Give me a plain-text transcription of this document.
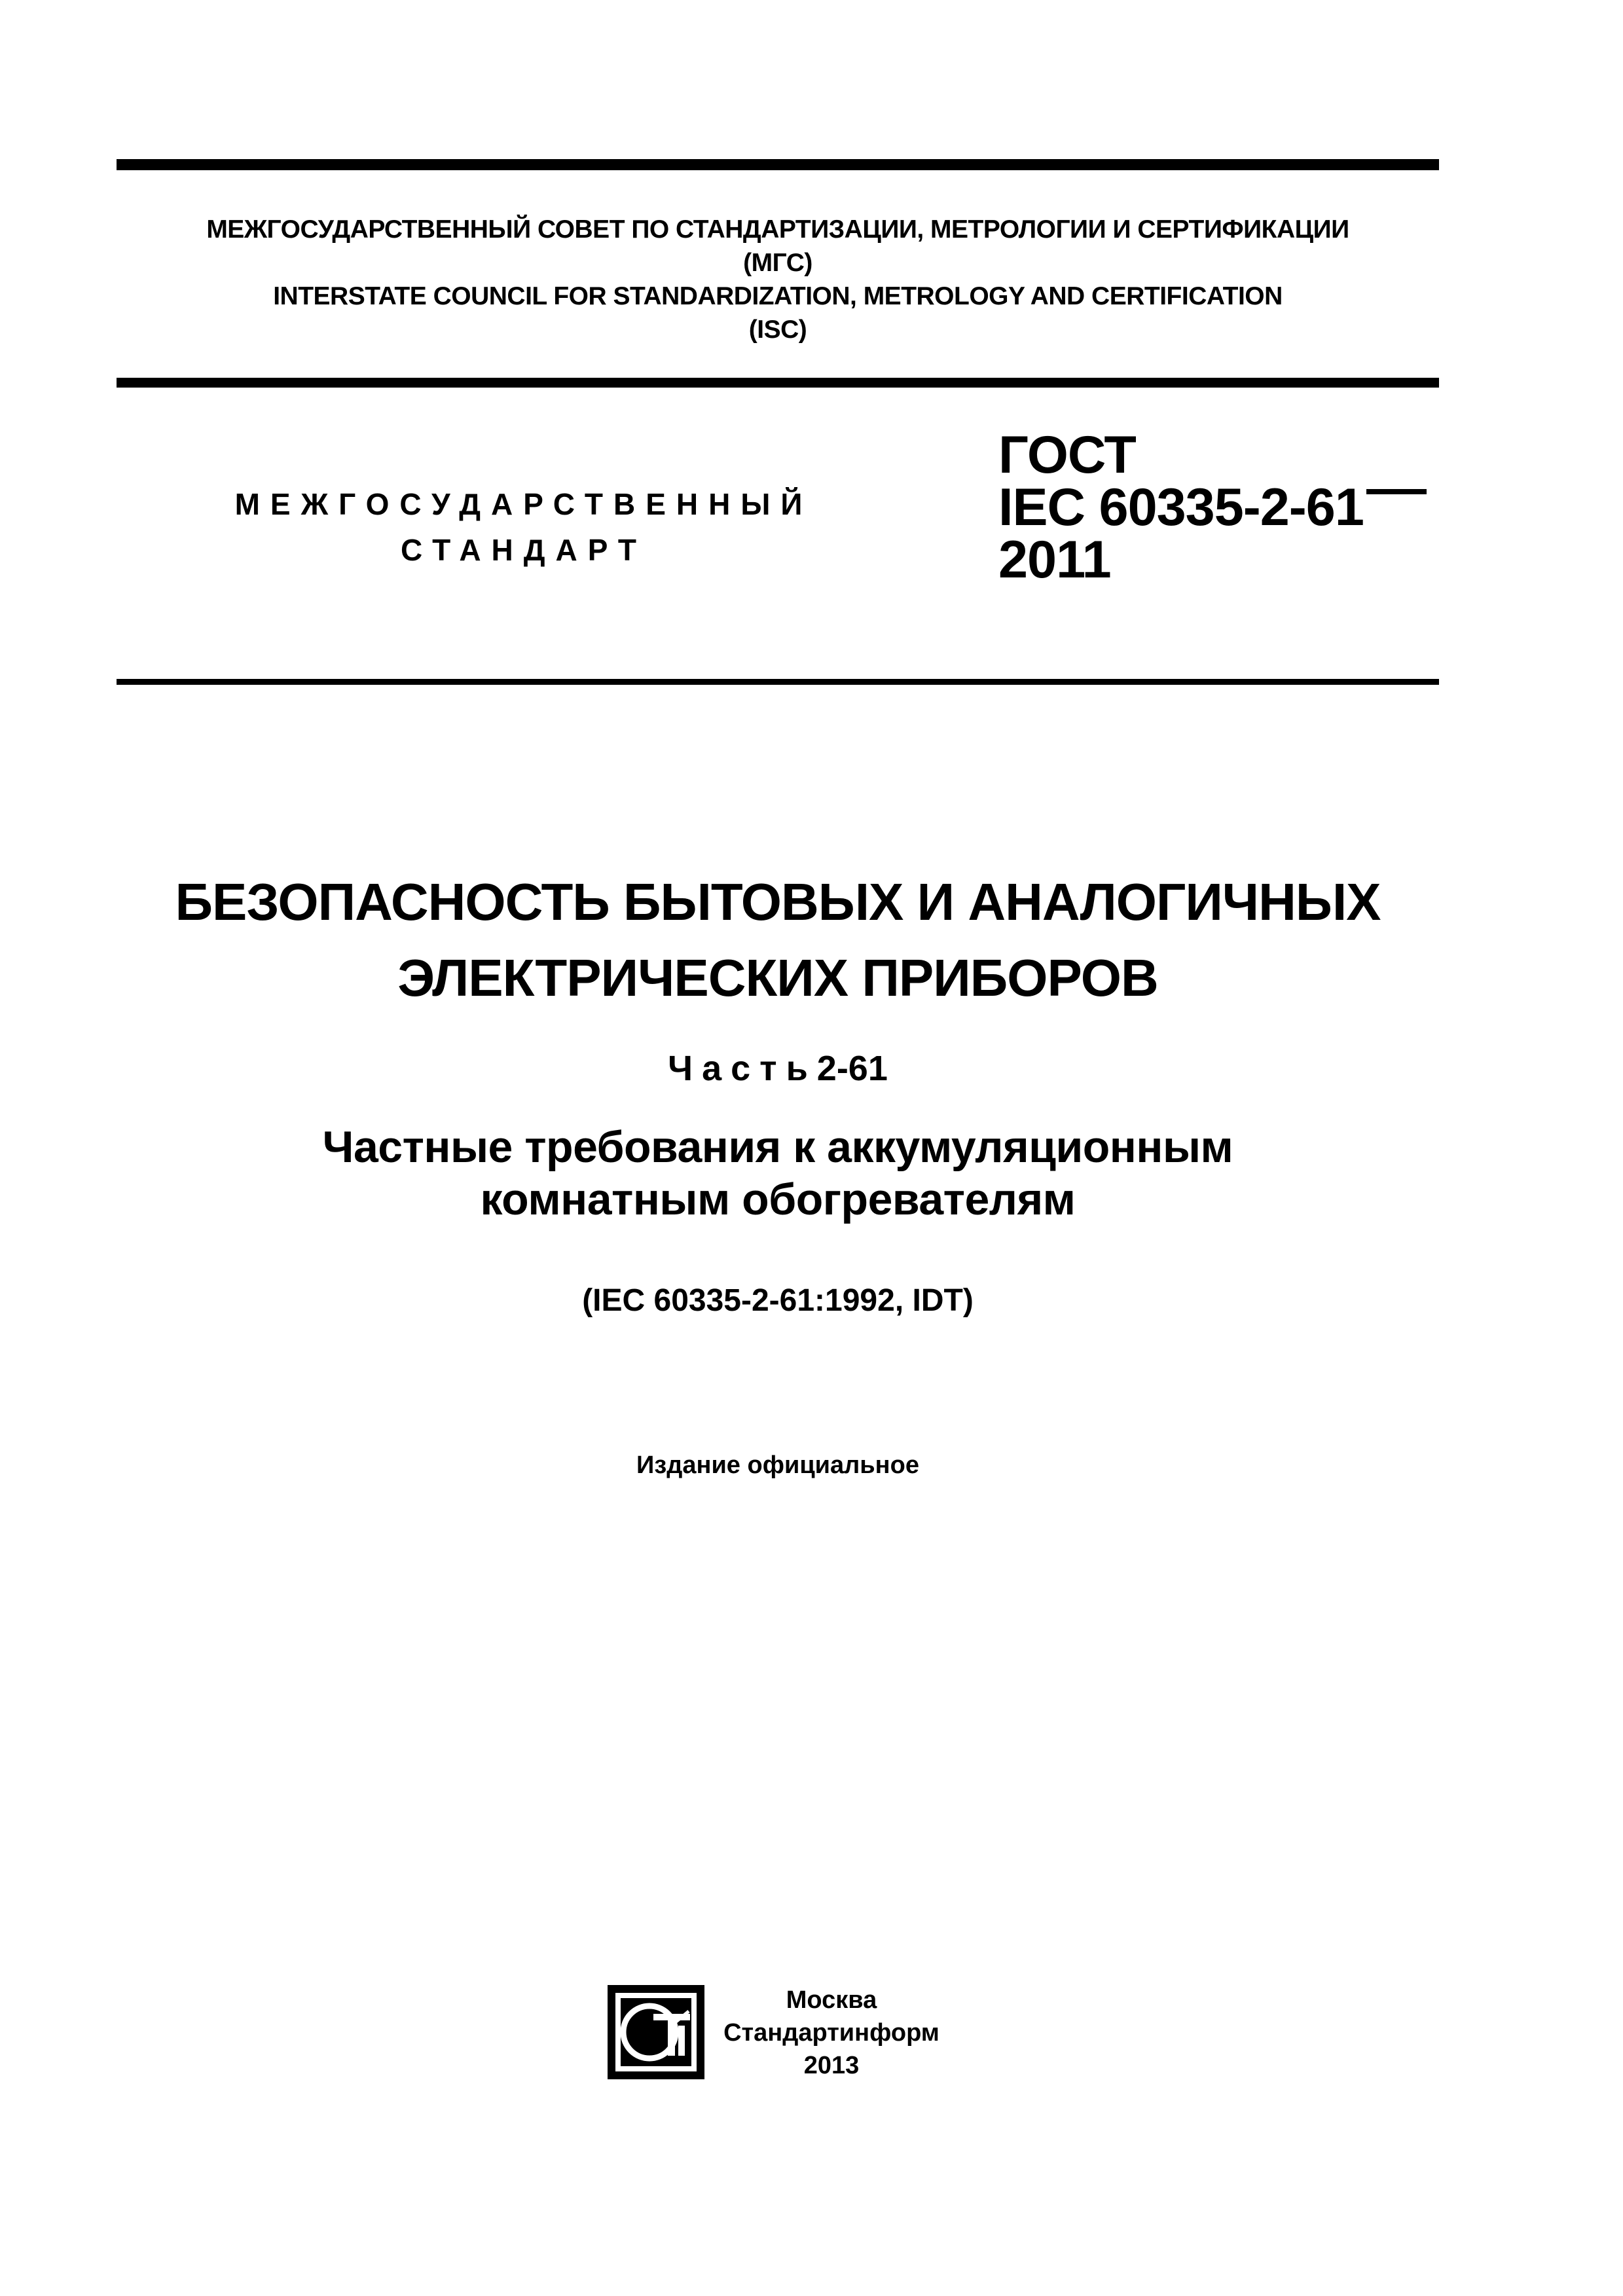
МЕЖГОСУДАРСТВЕННЫЙ СОВЕТ ПО СТАНДАРТИЗАЦИИ, МЕТРОЛОГИИ И СЕРТИФИКАЦИИ
(МГС)
INTERSTATE COUNCIL FOR STANDARDIZATION, METROLOGY AND CERTIFICATION
(ISC)
МЕЖГОСУДАРСТВЕННЫЙ
СТАНДАРТ
ГОСТ
IEC 60335-2-61
2011
БЕЗОПАСНОСТЬ БЫТОВЫХ И АНАЛОГИЧНЫХ
ЭЛЕКТРИЧЕСКИХ ПРИБОРОВ
Часть2-61
Частные требования к аккумуляционным
комнатным обогревателям
(IEC 60335-2-61:1992, IDT)
Издание официальное
Москва
Стандартинформ
2013
